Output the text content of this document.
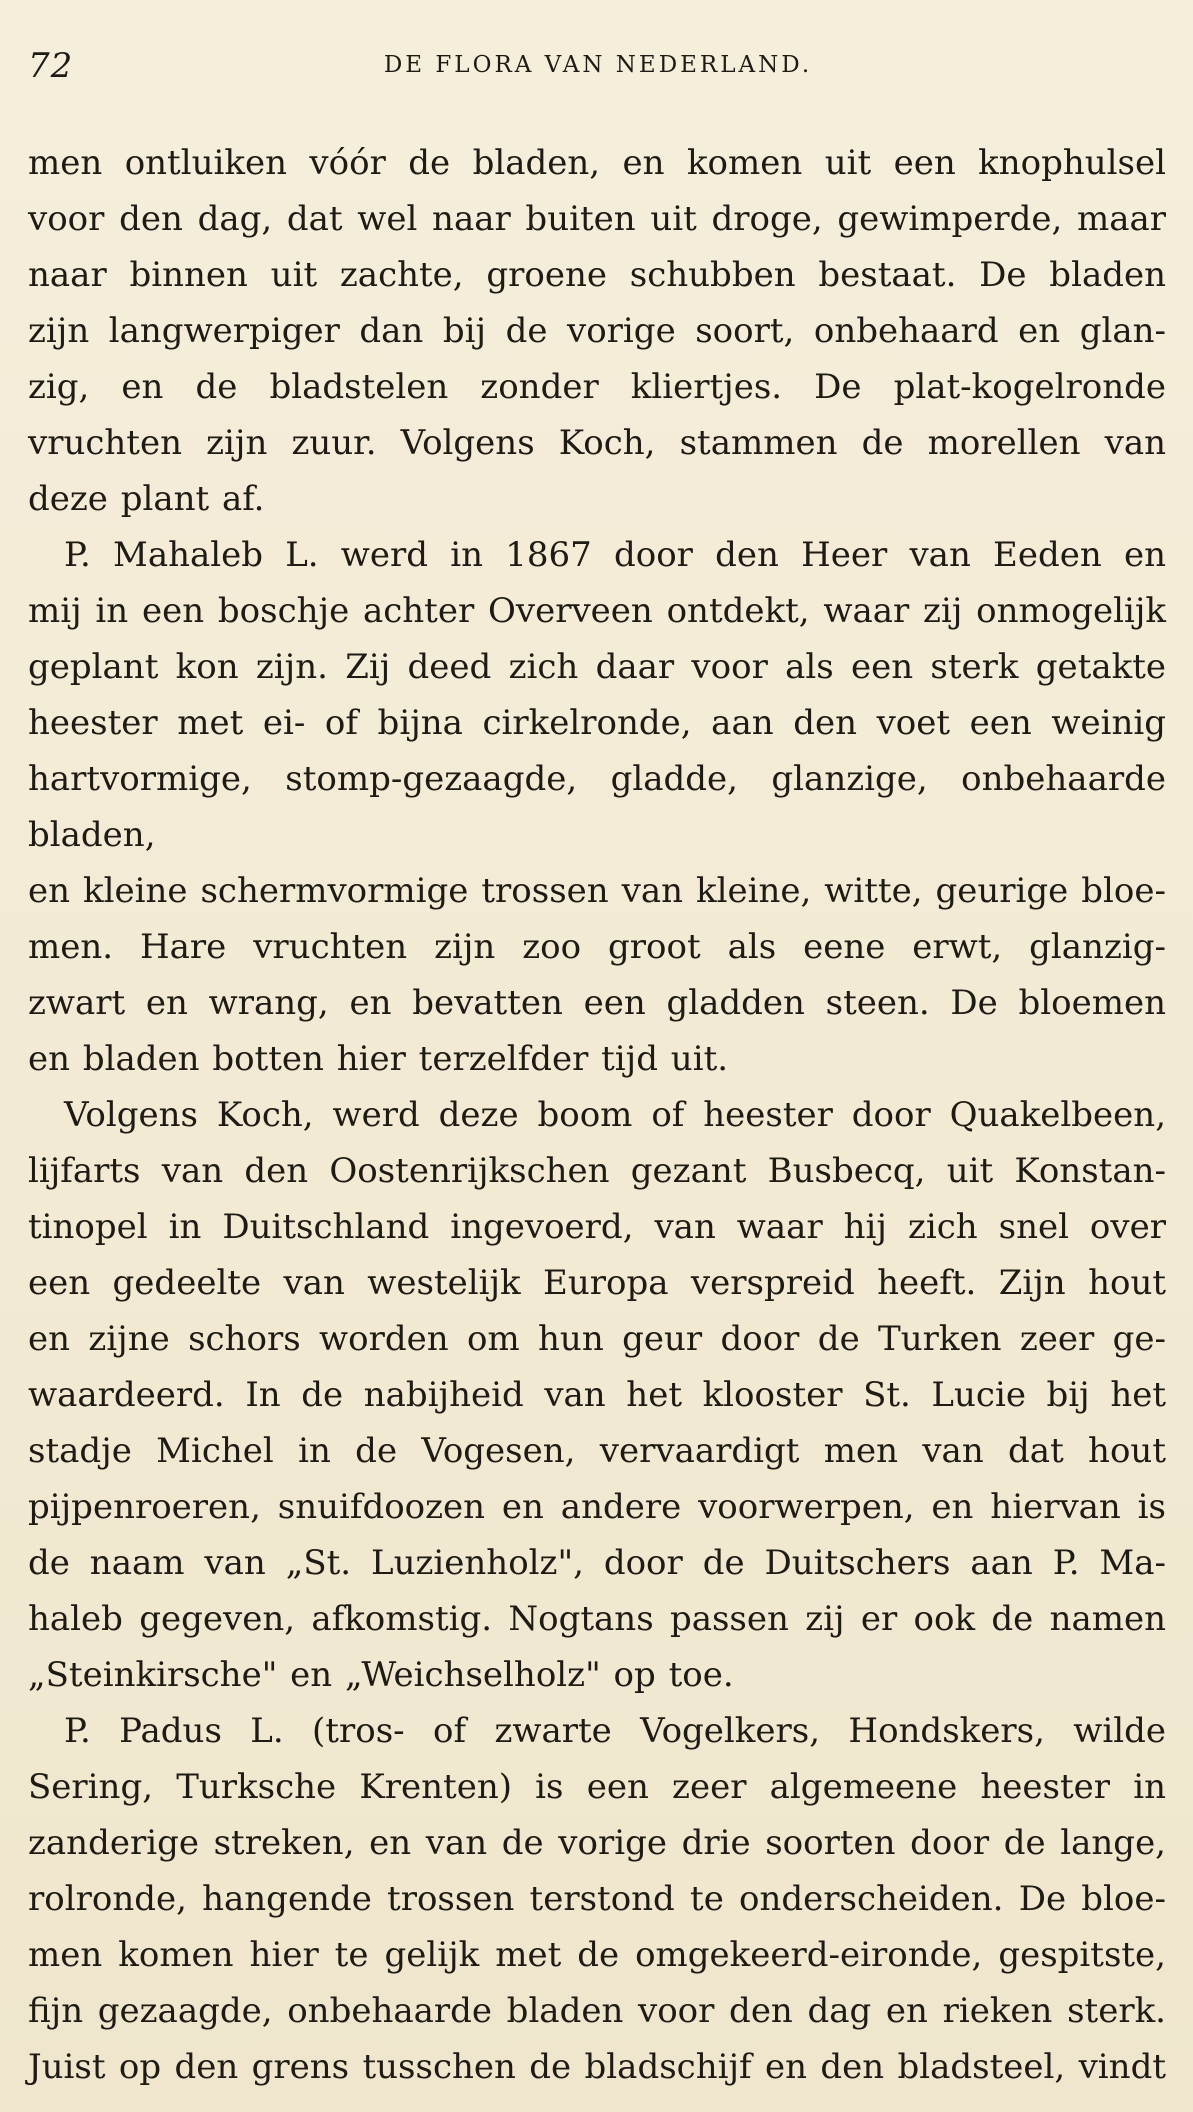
72	DE FLORA VAN NEDERLAND.

men ontluiken vóór de bladen, en komen uit een knophulsel

voor den dag, dat wel naar buiten uit droge, gewimperde, maar

naar binnen uit zachte, groene schubben bestaat. De bladen

zijn langwerpiger dan bij de vorige soort, onbehaard en glan-

zig, en de bladstelen zonder kliertjes. De plat-kogelronde

vruchten zijn zuur. Volgens Koch, stammen de morellen van

deze plant af.

P. Mahaleb L. werd in 1867 door den Heer van Eeden en

mij in een boschje achter Overveen ontdekt, waar zij onmogelijk

geplant kon zijn. Zij deed zich daar voor als een sterk getakte

heester met ei- of bijna cirkelronde, aan den voet een weinig

hartvormige, stomp-gezaagde, gladde, glanzige, onbehaarde bladen,

en kleine schermvormige trossen van kleine, witte, geurige bloe-

men. Hare vruchten zijn zoo groot als eene erwt, glanzig-

zwart en wrang, en bevatten een gladden steen. De bloemen

en bladen botten hier terzelfder tijd uit.

Volgens Koch, werd deze boom of heester door Quakelbeen,

lijfarts van den Oostenrijkschen gezant Busbecq, uit Konstan-

tinopel in Duitschland ingevoerd, van waar hij zich snel over

een gedeelte van westelijk Europa verspreid heeft. Zijn hout

en zijne schors worden om hun geur door de Turken zeer ge-

waardeerd. In de nabijheid van het klooster St. Lucie bij het

stadje Michel in de Vogesen, vervaardigt men van dat hout

pijpenroeren, snuifdoozen en andere voorwerpen, en hiervan is

de naam van „St. Luzienholz", door de Duitschers aan P. Ma-

haleb gegeven, afkomstig. Nogtans passen zij er ook de namen

„Steinkirsche" en „Weichselholz" op toe.

P. Padus L. (tros- of zwarte Vogelkers, Hondskers, wilde

Sering, Turksche Krenten) is een zeer algemeene heester in

zanderige streken, en van de vorige drie soorten door de lange,

rolronde, hangende trossen terstond te onderscheiden. De bloe-

men komen hier te gelijk met de omgekeerd-eironde, gespitste,

fijn gezaagde, onbehaarde bladen voor den dag en rieken sterk.

Juist op den grens tusschen de bladschijf en den bladsteel, vindt
